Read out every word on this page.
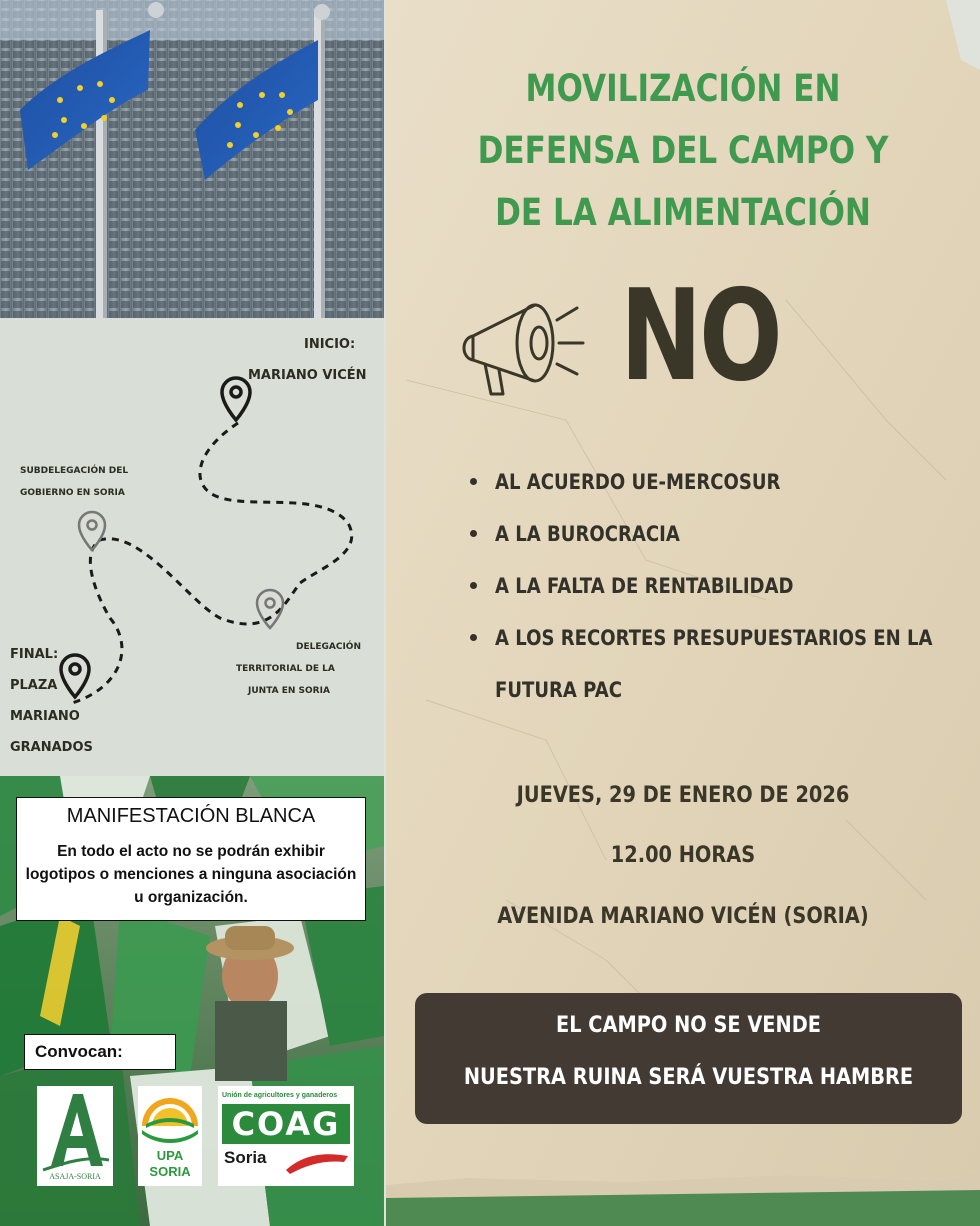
INICIO:
MARIANO VICÉN
SUBDELEGACIÓN DEL
GOBIERNO EN SORIA
DELEGACIÓN
TERRITORIAL DE LA
JUNTA EN SORIA
FINAL:
PLAZA
MARIANO
GRANADOS
MANIFESTACIÓN BLANCA
En todo el acto no se podrán exhibir logotipos o menciones a ninguna asociación u organización.
Convocan:
ASAJA-SORIA
UPA
SORIA
Unión de agricultores y ganaderos
COAG
Soria
MOVILIZACIÓN EN
DEFENSA DEL CAMPO Y
DE LA ALIMENTACIÓN
NO
AL ACUERDO UE-MERCOSUR
A LA BUROCRACIA
A LA FALTA DE RENTABILIDAD
A LOS RECORTES PRESUPUESTARIOS EN LA FUTURA PAC
JUEVES, 29 DE ENERO DE 2026
12.00 HORAS
AVENIDA MARIANO VICÉN (SORIA)
EL CAMPO NO SE VENDE
NUESTRA RUINA SERÁ VUESTRA HAMBRE
